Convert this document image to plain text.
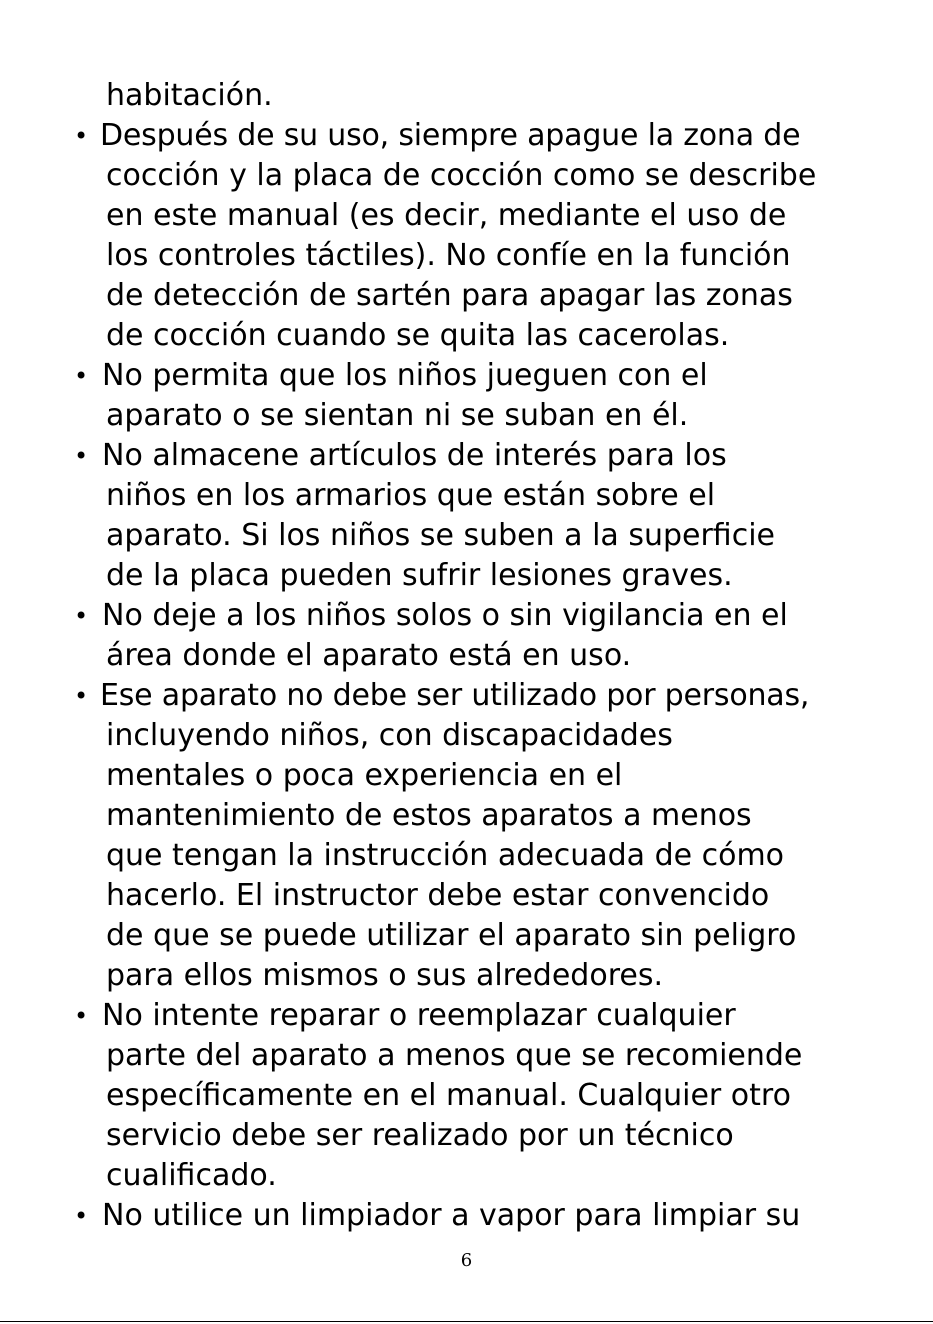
habitación.
• Después de su uso, siempre apague la zona de
cocción y la placa de cocción como se describe
en este manual (es decir, mediante el uso de
los controles táctiles). No confíe en la función
de detección de sartén para apagar las zonas
de cocción cuando se quita las cacerolas.
• No permita que los niños jueguen con el
aparato o se sientan ni se suban en él.
• No almacene artículos de interés para los
niños en los armarios que están sobre el
aparato. Si los niños se suben a la superficie
de la placa pueden sufrir lesiones graves.
• No deje a los niños solos o sin vigilancia en el
área donde el aparato está en uso.
• Ese aparato no debe ser utilizado por personas,
incluyendo niños, con discapacidades
mentales o poca experiencia en el
mantenimiento de estos aparatos a menos
que tengan la instrucción adecuada de cómo
hacerlo. El instructor debe estar convencido
de que se puede utilizar el aparato sin peligro
para ellos mismos o sus alrededores.
• No intente reparar o reemplazar cualquier
parte del aparato a menos que se recomiende
específicamente en el manual. Cualquier otro
servicio debe ser realizado por un técnico
cualificado.
• No utilice un limpiador a vapor para limpiar su
6
